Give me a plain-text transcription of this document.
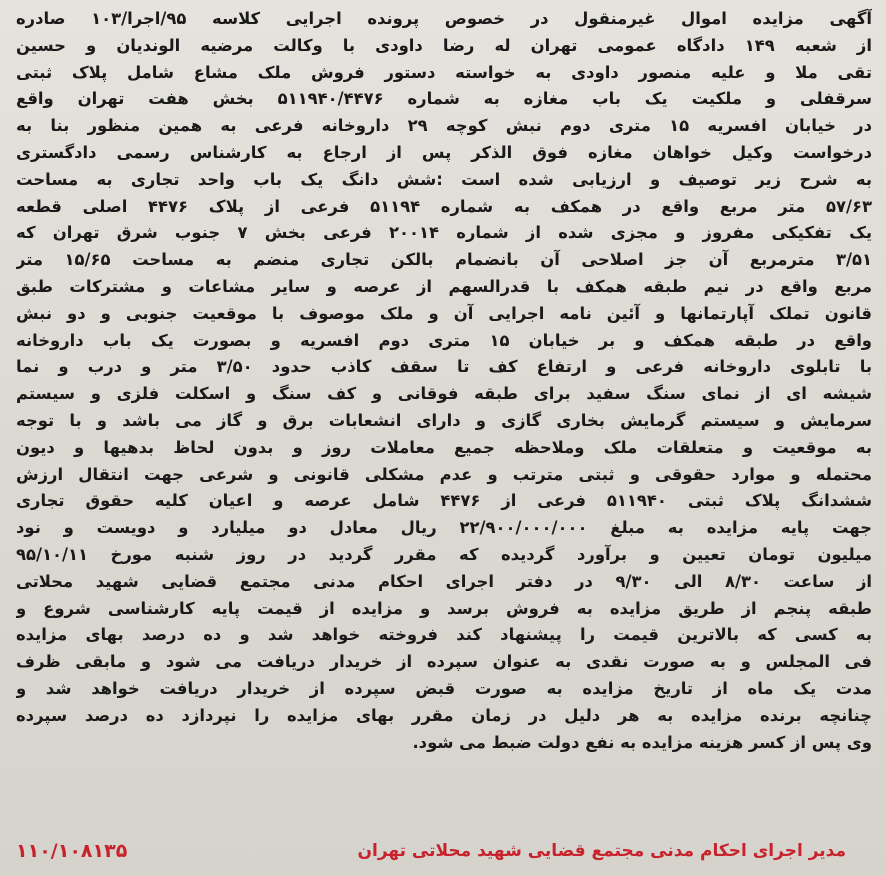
آگهی مزایده اموال غیرمنقول در خصوص پرونده اجرایی کلاسه ۹۵/اجرا/۱۰۳ صادره
از شعبه ۱۴۹ دادگاه عمومی تهران له رضا داودی با وکالت مرضیه الوندیان و حسین
تقی ملا و علیه منصور داودی به خواسته دستور فروش ملک مشاع شامل پلاک ثبتی
سرقفلی و ملکیت یک باب مغازه به شماره ۵۱۱۹۴۰/۴۴۷۶ بخش هفت تهران واقع
در خیابان افسریه ۱۵ متری دوم نبش کوچه ۲۹ داروخانه فرعی به همین منظور بنا به
درخواست وکیل خواهان مغازه فوق الذکر پس از ارجاع به کارشناس رسمی دادگستری
به شرح زیر توصیف و ارزیابی شده است :شش دانگ یک باب واحد تجاری به مساحت
۵۷/۶۳ متر مربع واقع در همکف به شماره ۵۱۱۹۴ فرعی از پلاک ۴۴۷۶ اصلی قطعه
یک تفکیکی مفروز و مجزی شده از شماره ۲۰۰۱۴ فرعی بخش ۷ جنوب شرق تهران که
۳/۵۱ مترمربع آن جز اصلاحی آن بانضمام بالکن تجاری منضم به مساحت ۱۵/۶۵ متر
مربع واقع در نیم طبقه همکف با قدرالسهم از عرصه و سایر مشاعات و مشترکات طبق
قانون تملک آپارتمانها و آئین نامه اجرایی آن و ملک موصوف با موقعیت جنوبی و دو نبش
واقع در طبقه همکف و بر خیابان ۱۵ متری دوم افسریه و بصورت یک باب داروخانه
با تابلوی داروخانه فرعی و ارتفاع کف تا سقف کاذب حدود ۳/۵۰ متر و درب و نما
شیشه ای از نمای سنگ سفید برای طبقه فوقانی و کف سنگ و اسکلت فلزی و سیستم
سرمایش و سیستم گرمایش بخاری گازی و دارای انشعابات برق و گاز می باشد و با توجه
به موقعیت و متعلقات ملک وملاحظه جمیع معاملات روز و بدون لحاظ بدهیها و دیون
محتمله و موارد حقوقی و ثبتی مترتب و عدم مشکلی قانونی و شرعی جهت انتقال ارزش
ششدانگ پلاک ثبتی ۵۱۱۹۴۰ فرعی از ۴۴۷۶ شامل عرصه و اعیان کلیه حقوق تجاری
جهت پایه مزایده به مبلغ ۲۲/۹۰۰/۰۰۰/۰۰۰ ریال معادل دو میلیارد و دویست و نود
میلیون تومان تعیین و برآورد گردیده که مقرر گردید در روز شنبه مورخ ۹۵/۱۰/۱۱
از ساعت ۸/۳۰ الی ۹/۳۰ در دفتر اجرای احکام مدنی مجتمع قضایی شهید محلاتی
طبقه پنجم از طریق مزایده به فروش برسد و مزایده از قیمت پایه کارشناسی شروع و
به کسی که بالاترین قیمت را پیشنهاد کند فروخته خواهد شد و ده درصد بهای مزایده
فی المجلس و به صورت نقدی به عنوان سپرده از خریدار دریافت می شود و مابقی ظرف
مدت یک ماه از تاریخ مزایده به صورت قبض سپرده از خریدار دریافت خواهد شد و
چنانچه برنده مزایده به هر دلیل در زمان مقرر بهای مزایده را نپردازد ده درصد سپرده
وی پس از کسر هزینه مزایده به نفع دولت ضبط می شود.
مدیر اجرای احکام مدنی مجتمع قضایی شهید محلاتی تهران
۱۱۰/۱۰۸۱۳۵
